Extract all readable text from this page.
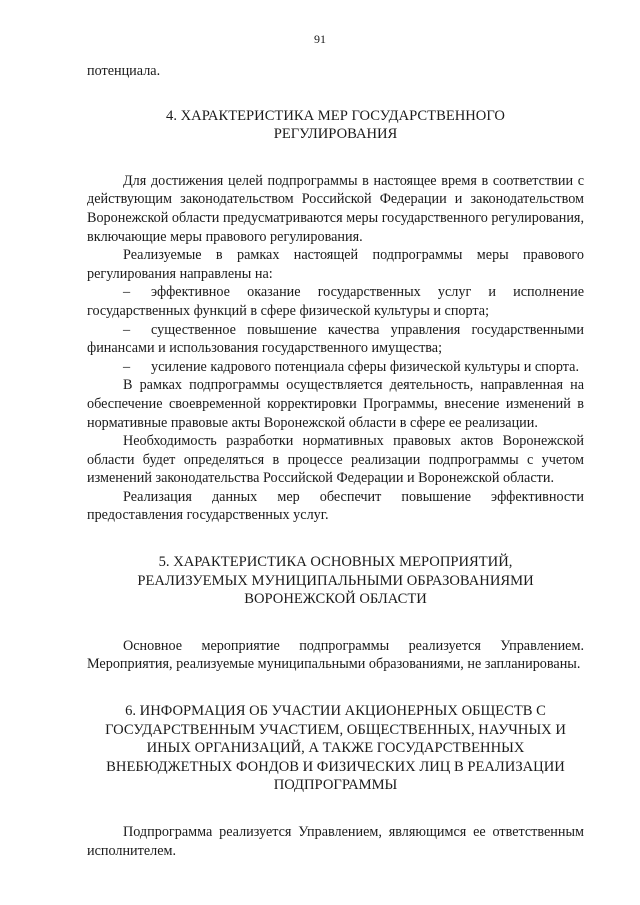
91

потенциала.

4. ХАРАКТЕРИСТИКА МЕР ГОСУДАРСТВЕННОГО

РЕГУЛИРОВАНИЯ

Для достижения целей подпрограммы в настоящее время в соответствии с действующим законодательством Российской Федерации и законодательством Воронежской области предусматриваются меры государственного регулирования, включающие меры правового регулирования.

Реализуемые в рамках настоящей подпрограммы меры правового регулирования направлены на:

– эффективное оказание государственных услуг и исполнение государственных функций в сфере физической культуры и спорта;

– существенное повышение качества управления государственными финансами и использования государственного имущества;

– усиление кадрового потенциала сферы физической культуры и спорта.

В рамках подпрограммы осуществляется деятельность, направленная на обеспечение своевременной корректировки Программы, внесение изменений в нормативные правовые акты Воронежской области в сфере ее реализации.

Необходимость разработки нормативных правовых актов Воронежской области будет определяться в процессе реализации подпрограммы с учетом изменений законодательства Российской Федерации и Воронежской области.

Реализация данных мер обеспечит повышение эффективности предоставления государственных услуг.

5. ХАРАКТЕРИСТИКА ОСНОВНЫХ МЕРОПРИЯТИЙ,

РЕАЛИЗУЕМЫХ МУНИЦИПАЛЬНЫМИ ОБРАЗОВАНИЯМИ

ВОРОНЕЖСКОЙ ОБЛАСТИ

Основное мероприятие подпрограммы реализуется Управлением. Мероприятия, реализуемые муниципальными образованиями, не запланированы.

6. ИНФОРМАЦИЯ ОБ УЧАСТИИ АКЦИОНЕРНЫХ ОБЩЕСТВ С

ГОСУДАРСТВЕННЫМ УЧАСТИЕМ, ОБЩЕСТВЕННЫХ, НАУЧНЫХ И

ИНЫХ ОРГАНИЗАЦИЙ, А ТАКЖЕ ГОСУДАРСТВЕННЫХ

ВНЕБЮДЖЕТНЫХ ФОНДОВ И ФИЗИЧЕСКИХ ЛИЦ В РЕАЛИЗАЦИИ

ПОДПРОГРАММЫ

Подпрограмма реализуется Управлением, являющимся ее ответственным исполнителем.
